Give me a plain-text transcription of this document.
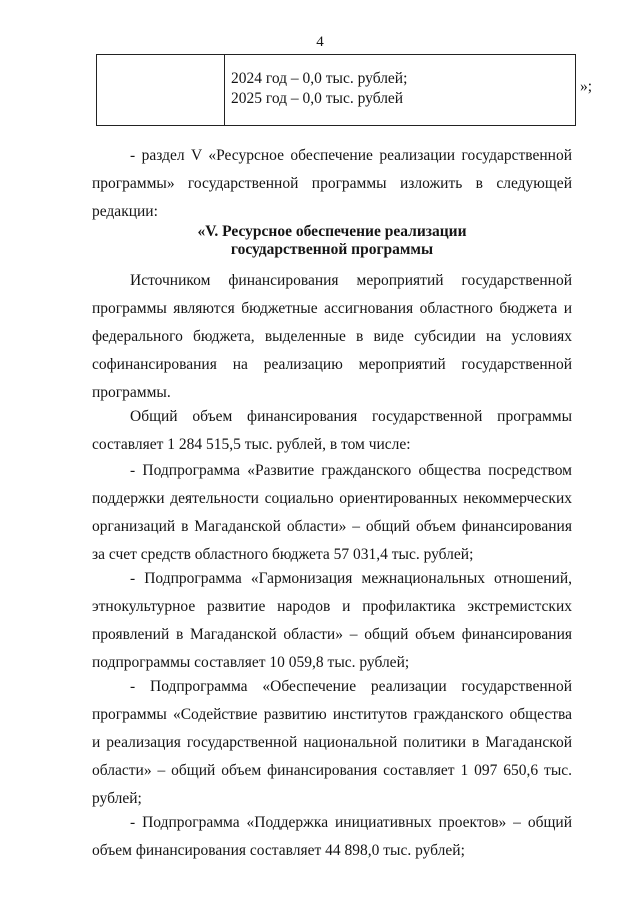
4
2024 год – 0,0 тыс. рублей;
2025 год – 0,0 тыс. рублей
»;
- раздел V «Ресурсное обеспечение реализации государственной программы» государственной программы изложить в следующей редакции:
«V. Ресурсное обеспечение реализации
государственной программы
Источником финансирования мероприятий государственной программы являются бюджетные ассигнования областного бюджета и федерального бюджета, выделенные в виде субсидии на условиях софинансирования на реализацию мероприятий государственной программы.
Общий объем финансирования государственной программы составляет 1 284 515,5 тыс. рублей, в том числе:
- Подпрограмма «Развитие гражданского общества посредством поддержки деятельности социально ориентированных некоммерческих организаций в Магаданской области» – общий объем финансирования за счет средств областного бюджета 57 031,4 тыс. рублей;
- Подпрограмма «Гармонизация межнациональных отношений, этнокультурное развитие народов и профилактика экстремистских проявлений в Магаданской области» – общий объем финансирования подпрограммы составляет 10 059,8 тыс. рублей;
- Подпрограмма «Обеспечение реализации государственной программы «Содействие развитию институтов гражданского общества и реализация государственной национальной политики в Магаданской области» – общий объем финансирования составляет 1 097 650,6 тыс. рублей;
- Подпрограмма «Поддержка инициативных проектов» – общий объем финансирования составляет 44 898,0 тыс. рублей;
